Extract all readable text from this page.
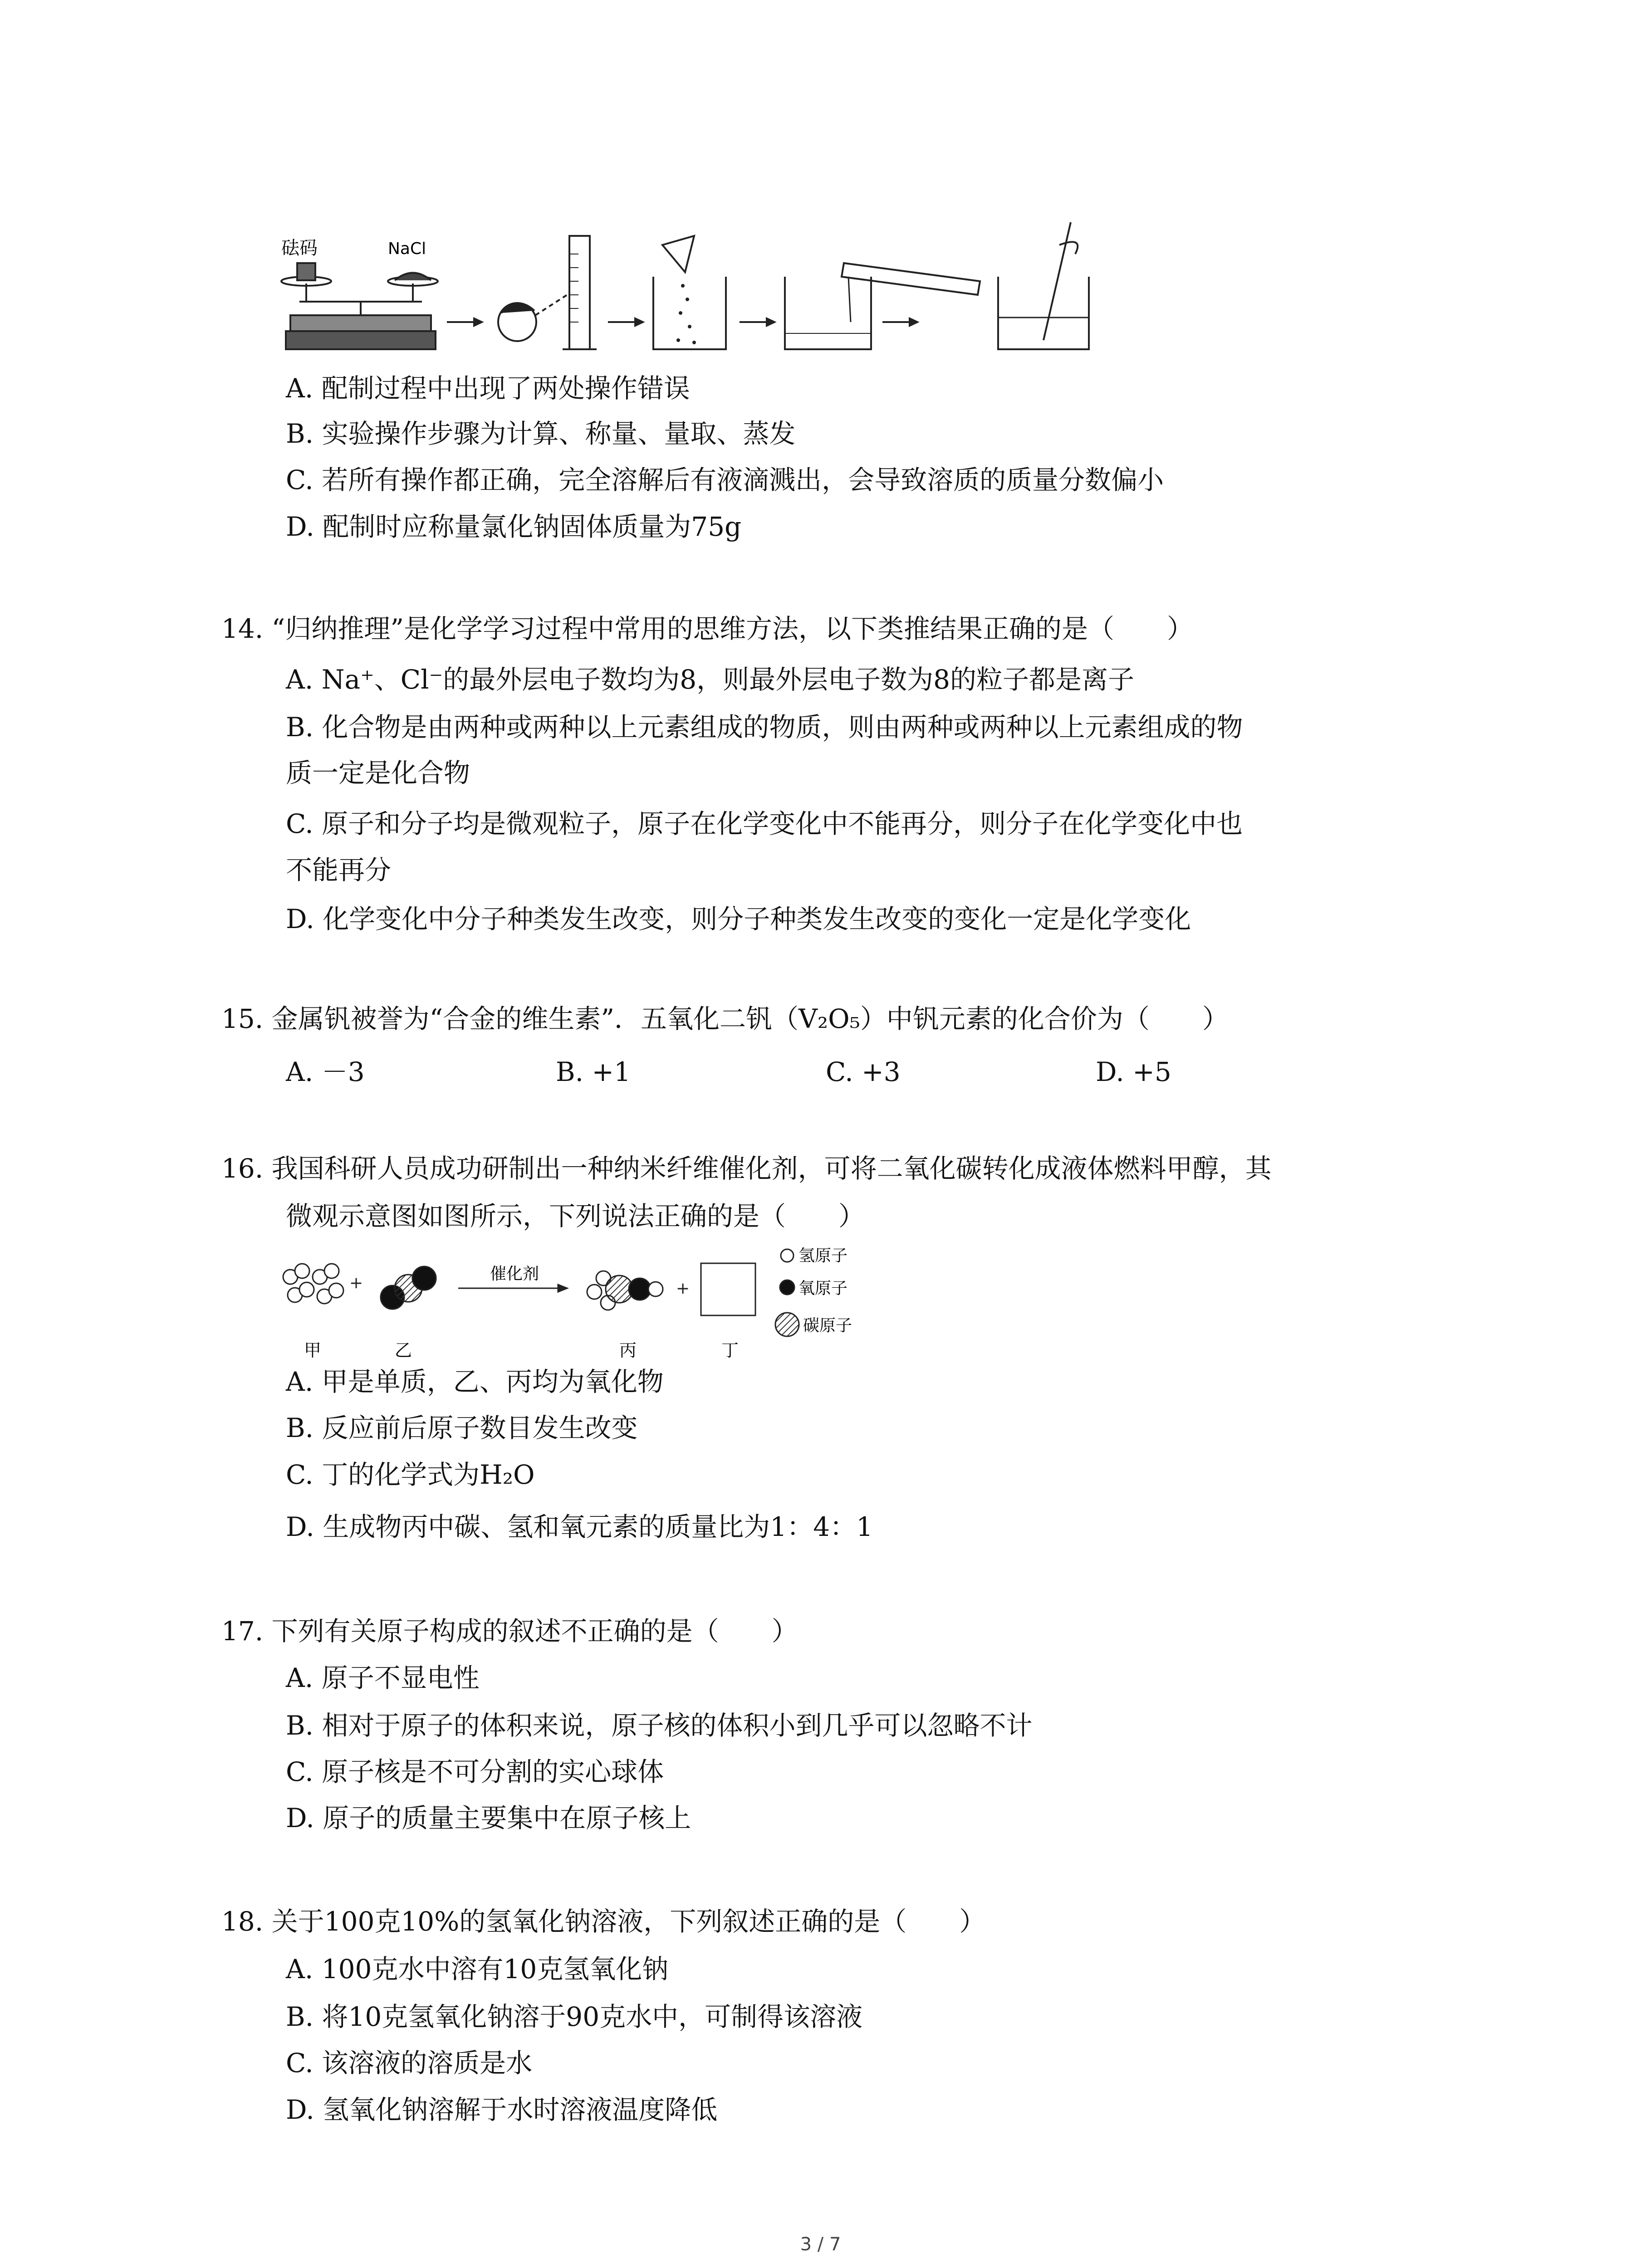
砝码	NaCl
A. 配制过程中出现了两处操作错误
B. 实验操作步骤为计算、称量、量取、蒸发
C. 若所有操作都正确，完全溶解后有液滴溅出，会导致溶质的质量分数偏小
D. 配制时应称量氯化钠固体质量为75g
14. “归纳推理”是化学学习过程中常用的思维方法，以下类推结果正确的是（　　）
A. Na⁺、Cl⁻的最外层电子数均为8，则最外层电子数为8的粒子都是离子
B. 化合物是由两种或两种以上元素组成的物质，则由两种或两种以上元素组成的物
质一定是化合物
C. 原子和分子均是微观粒子，原子在化学变化中不能再分，则分子在化学变化中也
不能再分
D. 化学变化中分子种类发生改变，则分子种类发生改变的变化一定是化学变化
15. 金属钒被誉为“合金的维生素”．五氧化二钒（V₂O₅）中钒元素的化合价为（　　）
A. －3	B. +1	C. +3	D. +5
16. 我国科研人员成功研制出一种纳米纤维催化剂，可将二氧化碳转化成液体燃料甲醇，其
微观示意图如图所示，下列说法正确的是（　　）
+	+
催化剂
甲	乙	丙	丁
氢原子
氧原子
碳原子
A. 甲是单质，乙、丙均为氧化物
B. 反应前后原子数目发生改变
C. 丁的化学式为H₂O
D. 生成物丙中碳、氢和氧元素的质量比为1：4：1
17. 下列有关原子构成的叙述不正确的是（　　）
A. 原子不显电性
B. 相对于原子的体积来说，原子核的体积小到几乎可以忽略不计
C. 原子核是不可分割的实心球体
D. 原子的质量主要集中在原子核上
18. 关于100克10%的氢氧化钠溶液，下列叙述正确的是（　　）
A. 100克水中溶有10克氢氧化钠
B. 将10克氢氧化钠溶于90克水中，可制得该溶液
C. 该溶液的溶质是水
D. 氢氧化钠溶解于水时溶液温度降低
3 / 7
